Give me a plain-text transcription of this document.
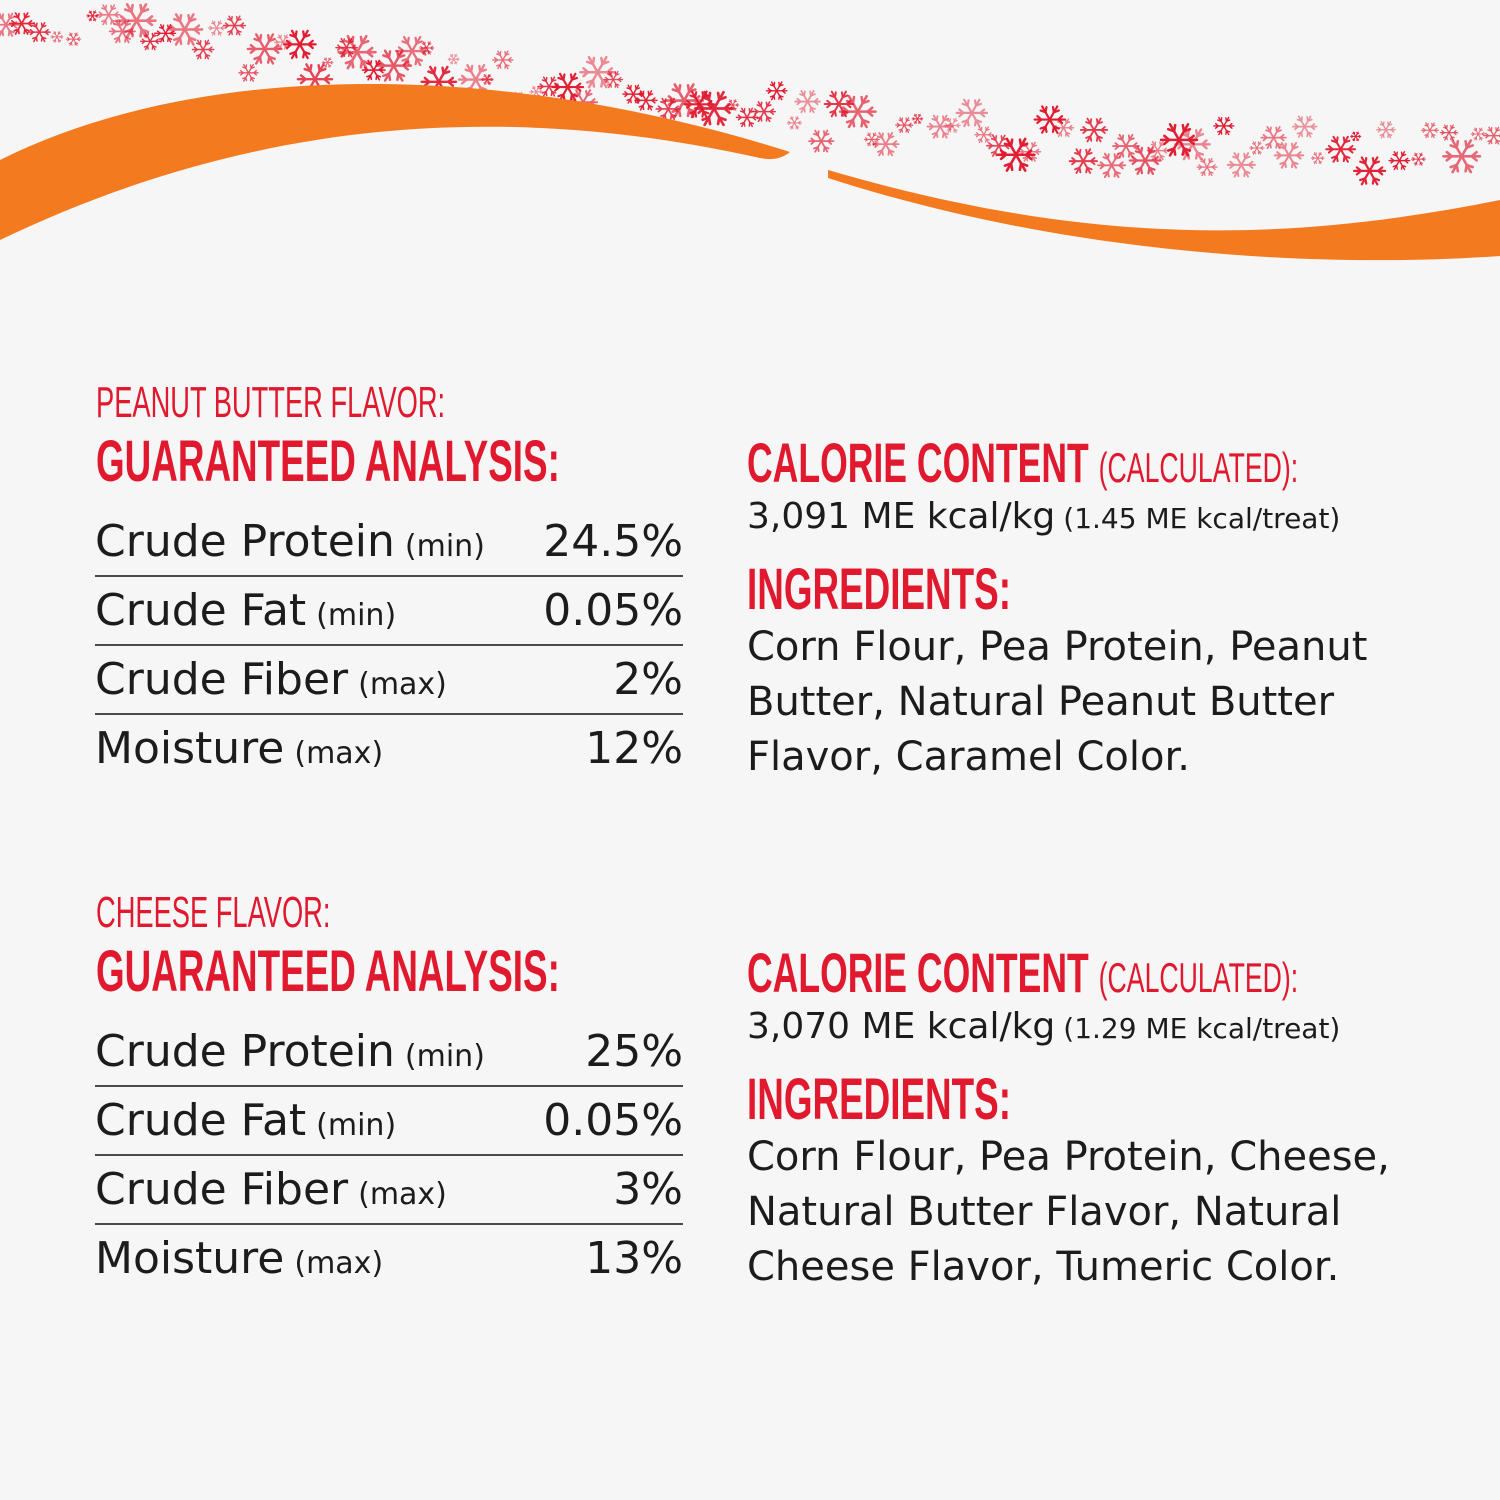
PEANUT BUTTER FLAVOR:
GUARANTEED ANALYSIS:
Crude Protein (min) 24.5%
Crude Fat (min)	0.05%
Crude Fiber (max)	2%
Moisture (max)	12%
CALORIE CONTENT (CALCULATED):
3,091 ME kcal/kg (1.45 ME kcal/treat)
INGREDIENTS:
Corn Flour, Pea Protein, Peanut
Butter, Natural Peanut Butter
Flavor, Caramel Color.
CHEESE FLAVOR:
GUARANTEED ANALYSIS:
Crude Protein (min) 25%
Crude Fat (min)	0.05%
Crude Fiber (max)	3%
Moisture (max)	13%
CALORIE CONTENT (CALCULATED):
3,070 ME kcal/kg (1.29 ME kcal/treat)
INGREDIENTS:
Corn Flour, Pea Protein, Cheese,
Natural Butter Flavor, Natural
Cheese Flavor, Tumeric Color.
